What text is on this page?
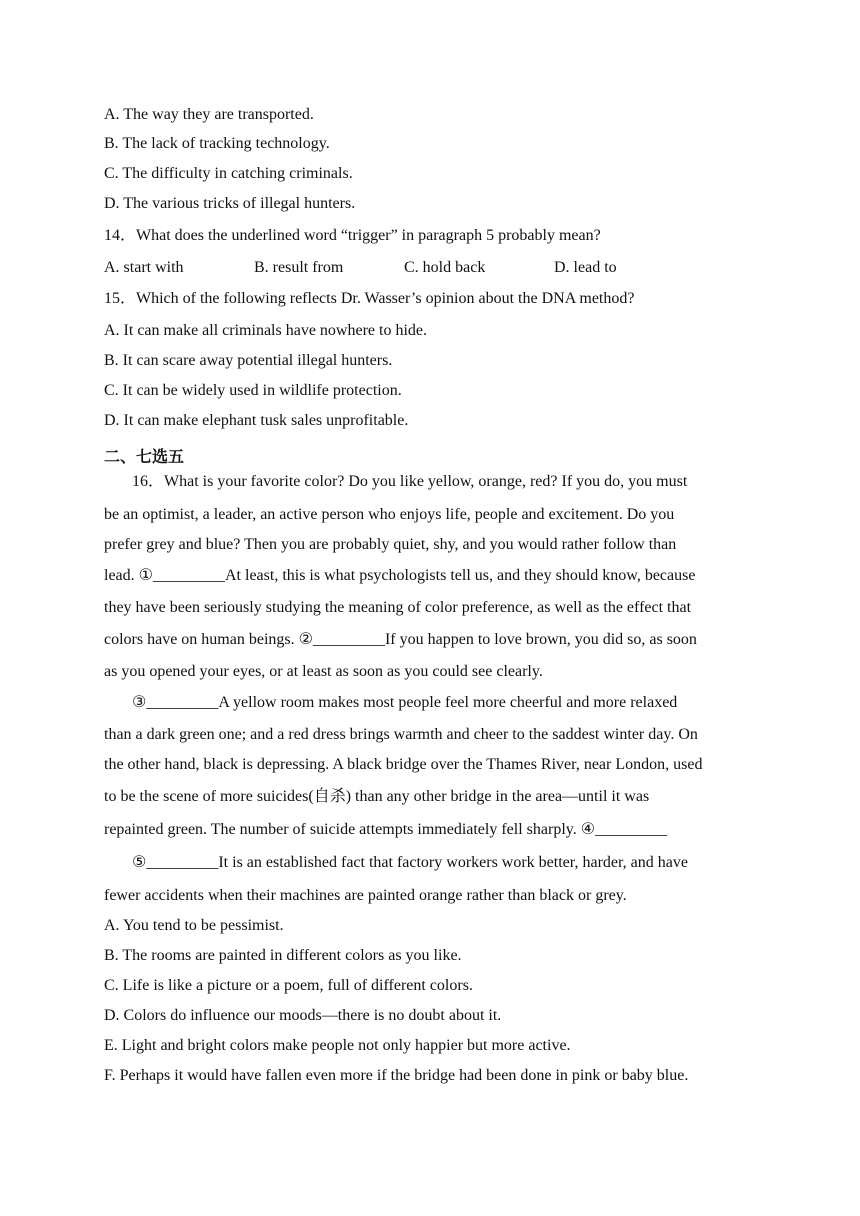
A. The way they are transported.
B. The lack of tracking technology.
C. The difficulty in catching criminals.
D. The various tricks of illegal hunters.
14．What does the underlined word “trigger” in paragraph 5 probably mean?
A. start with	B. result from	C. hold back	D. lead to
15．Which of the following reflects Dr. Wasser’s opinion about the DNA method?
A. It can make all criminals have nowhere to hide.
B. It can scare away potential illegal hunters.
C. It can be widely used in wildlife protection.
D. It can make elephant tusk sales unprofitable.
二、七选五
16．What is your favorite color? Do you like yellow, orange, red? If you do, you must
be an optimist, a leader, an active person who enjoys life, people and excitement. Do you
prefer grey and blue? Then you are probably quiet, shy, and you would rather follow than
lead. ①_________At least, this is what psychologists tell us, and they should know, because
they have been seriously studying the meaning of color preference, as well as the effect that
colors have on human beings. ②_________If you happen to love brown, you did so, as soon
as you opened your eyes, or at least as soon as you could see clearly.
③_________A yellow room makes most people feel more cheerful and more relaxed
than a dark green one; and a red dress brings warmth and cheer to the saddest winter day. On
the other hand, black is depressing. A black bridge over the Thames River, near London, used
to be the scene of more suicides(自杀) than any other bridge in the area—until it was
repainted green. The number of suicide attempts immediately fell sharply. ④_________
⑤_________It is an established fact that factory workers work better, harder, and have
fewer accidents when their machines are painted orange rather than black or grey.
A. You tend to be pessimist.
B. The rooms are painted in different colors as you like.
C. Life is like a picture or a poem, full of different colors.
D. Colors do influence our moods—there is no doubt about it.
E. Light and bright colors make people not only happier but more active.
F. Perhaps it would have fallen even more if the bridge had been done in pink or baby blue.
